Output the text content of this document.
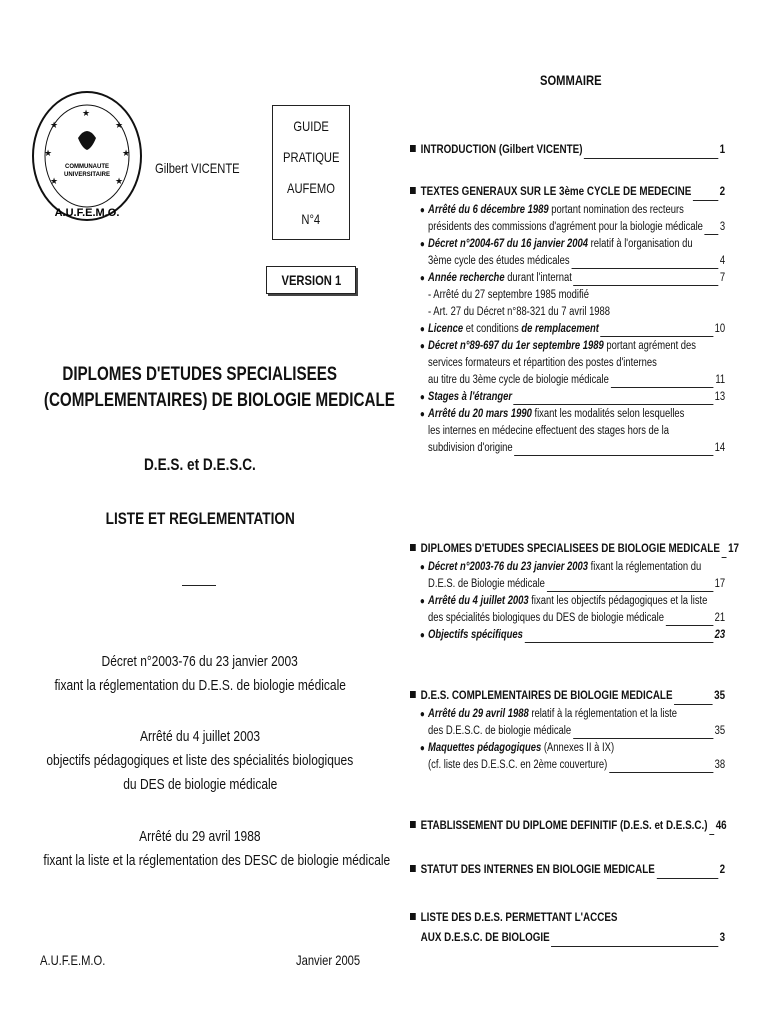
★	★
★	★
★	★
★
COMMUNAUTE
UNIVERSITAIRE
A.U.F.E.M.O.
Gilbert VICENTE
GUIDE
PRATIQUE
AUFEMO
N°4
VERSION 1
DIPLOMES D'ETUDES SPECIALISEES
(COMPLEMENTAIRES) DE BIOLOGIE MEDICALE
D.E.S. et D.E.S.C.
LISTE ET REGLEMENTATION
Décret n°2003-76 du 23 janvier 2003
fixant la réglementation du D.E.S. de biologie médicale
Arrêté du 4 juillet 2003
objectifs pédagogiques et liste des spécialités biologiques
du DES de biologie médicale
Arrêté du 29 avril 1988
fixant la liste et la réglementation des DESC de biologie médicale
A.U.F.E.M.O.	Janvier 2005
SOMMAIRE
INTRODUCTION (Gilbert VICENTE)	1
TEXTES GENERAUX SUR LE 3ème CYCLE DE MEDECINE 2
● Arrêté du 6 décembre 1989 portant nomination des recteurs
présidents des commissions d'agrément pour la biologie médicale 3
● Décret n°2004-67 du 16 janvier 2004 relatif à l'organisation du
3ème cycle des études médicales	4
● Année recherche durant l'internat	7
- Arrêté du 27 septembre 1985 modifié
- Art. 27 du Décret n°88-321 du 7 avril 1988
● Licence et conditions de remplacement	10
● Décret n°89-697 du 1er septembre 1989 portant agrément des
services formateurs et répartition des postes d'internes
au titre du 3ème cycle de biologie médicale	11
● Stages à l'étranger	13
● Arrêté du 20 mars 1990 fixant les modalités selon lesquelles
les internes en médecine effectuent des stages hors de la
subdivision d'origine	14
DIPLOMES D'ETUDES SPECIALISEES DE BIOLOGIE MEDICALE 17
● Décret n°2003-76 du 23 janvier 2003 fixant la réglementation du
D.E.S. de Biologie médicale	17
● Arrêté du 4 juillet 2003 fixant les objectifs pédagogiques et la liste
des spécialités biologiques du DES de biologie médicale	21
● Objectifs spécifiques	23
D.E.S. COMPLEMENTAIRES DE BIOLOGIE MEDICALE	35
● Arrêté du 29 avril 1988 relatif à la réglementation et la liste
des D.E.S.C. de biologie médicale	35
● Maquettes pédagogiques (Annexes II à IX)
(cf. liste des D.E.S.C. en 2ème couverture)	38
ETABLISSEMENT DU DIPLOME DEFINITIF (D.E.S. et D.E.S.C.) 46
STATUT DES INTERNES EN BIOLOGIE MEDICALE	2
LISTE DES D.E.S. PERMETTANT L'ACCES
AUX D.E.S.C. DE BIOLOGIE	3
